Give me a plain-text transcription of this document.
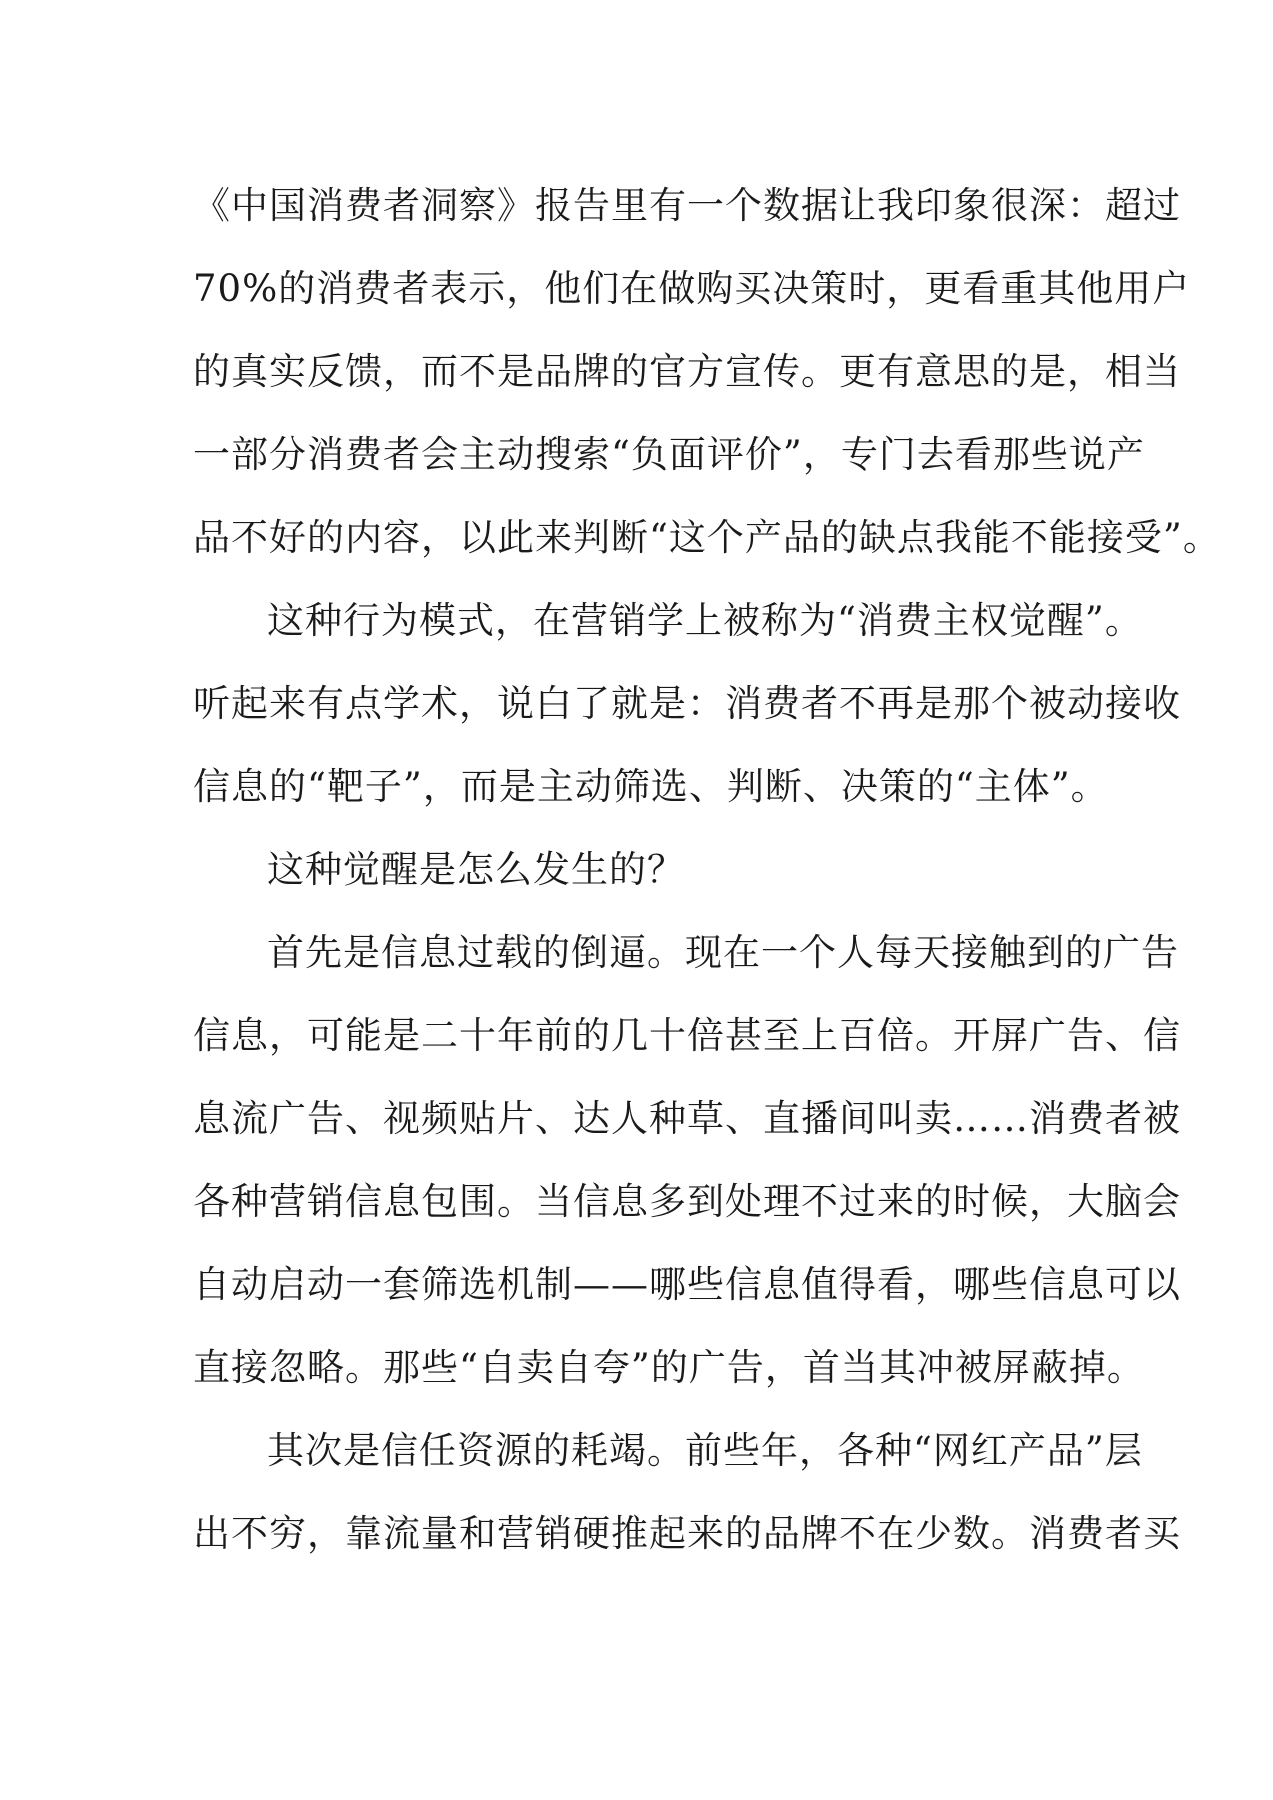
《中国消费者洞察》报告里有一个数据让我印象很深：超过
70%的消费者表示，他们在做购买决策时，更看重其他用户
的真实反馈，而不是品牌的官方宣传。更有意思的是，相当
一部分消费者会主动搜索“负面评价”，专门去看那些说产
品不好的内容，以此来判断“这个产品的缺点我能不能接受”。
这种行为模式，在营销学上被称为“消费主权觉醒”。
听起来有点学术，说白了就是：消费者不再是那个被动接收
信息的“靶子”，而是主动筛选、判断、决策的“主体”。
这种觉醒是怎么发生的？
首先是信息过载的倒逼。现在一个人每天接触到的广告
信息，可能是二十年前的几十倍甚至上百倍。开屏广告、信
息流广告、视频贴片、达人种草、直播间叫卖……消费者被
各种营销信息包围。当信息多到处理不过来的时候，大脑会
自动启动一套筛选机制——哪些信息值得看，哪些信息可以
直接忽略。那些“自卖自夸”的广告，首当其冲被屏蔽掉。
其次是信任资源的耗竭。前些年，各种“网红产品”层
出不穷，靠流量和营销硬推起来的品牌不在少数。消费者买
